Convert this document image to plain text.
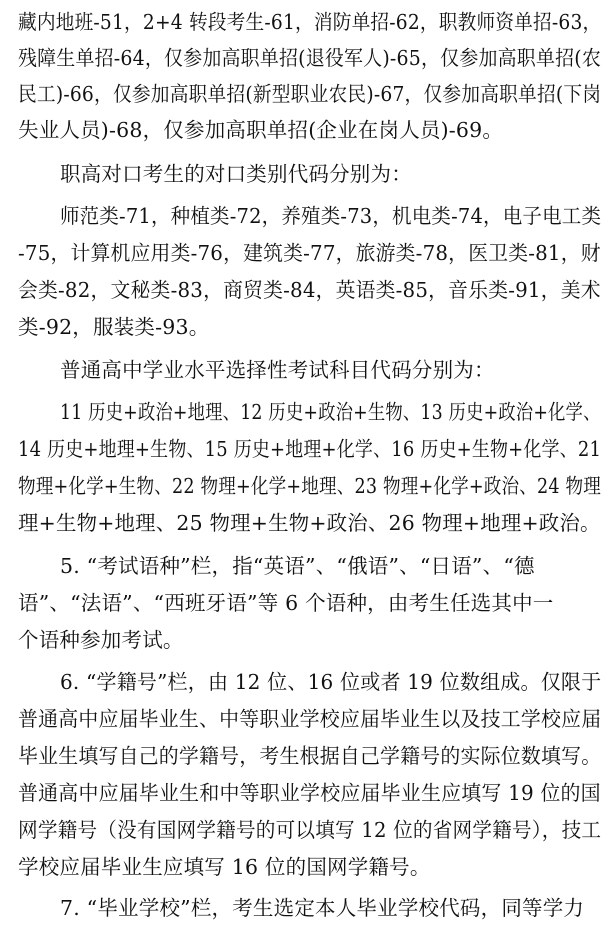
藏内地班-51，2+4 转段考生-61，消防单招-62，职教师资单招-63，
残障生单招-64，仅参加高职单招(退役军人)-65，仅参加高职单招(农
民工)-66，仅参加高职单招(新型职业农民)-67，仅参加高职单招(下岗
失业人员)-68，仅参加高职单招(企业在岗人员)-69。
职高对口考生的对口类别代码分别为：
师范类-71，种植类-72，养殖类-73，机电类-74，电子电工类
-75，计算机应用类-76，建筑类-77，旅游类-78，医卫类-81，财
会类-82，文秘类-83，商贸类-84，英语类-85，音乐类-91，美术
类-92，服装类-93。
普通高中学业水平选择性考试科目代码分别为：
11 历史+政治+地理、12 历史+政治+生物、13 历史+政治+化学、
14 历史+地理+生物、15 历史+地理+化学、16 历史+生物+化学、21
物理+化学+生物、22 物理+化学+地理、23 物理+化学+政治、24 物理
理+生物+地理、25 物理+生物+政治、26 物理+地理+政治。
5. “考试语种”栏，指“英语”、“俄语”、“日语”、“德
语”、“法语”、“西班牙语”等 6 个语种，由考生任选其中一
个语种参加考试。
6. “学籍号”栏，由 12 位、16 位或者 19 位数组成。仅限于
普通高中应届毕业生、中等职业学校应届毕业生以及技工学校应届
毕业生填写自己的学籍号，考生根据自己学籍号的实际位数填写。
普通高中应届毕业生和中等职业学校应届毕业生应填写 19 位的国
网学籍号（没有国网学籍号的可以填写 12 位的省网学籍号），技工
学校应届毕业生应填写 16 位的国网学籍号。
7. “毕业学校”栏，考生选定本人毕业学校代码，同等学力
